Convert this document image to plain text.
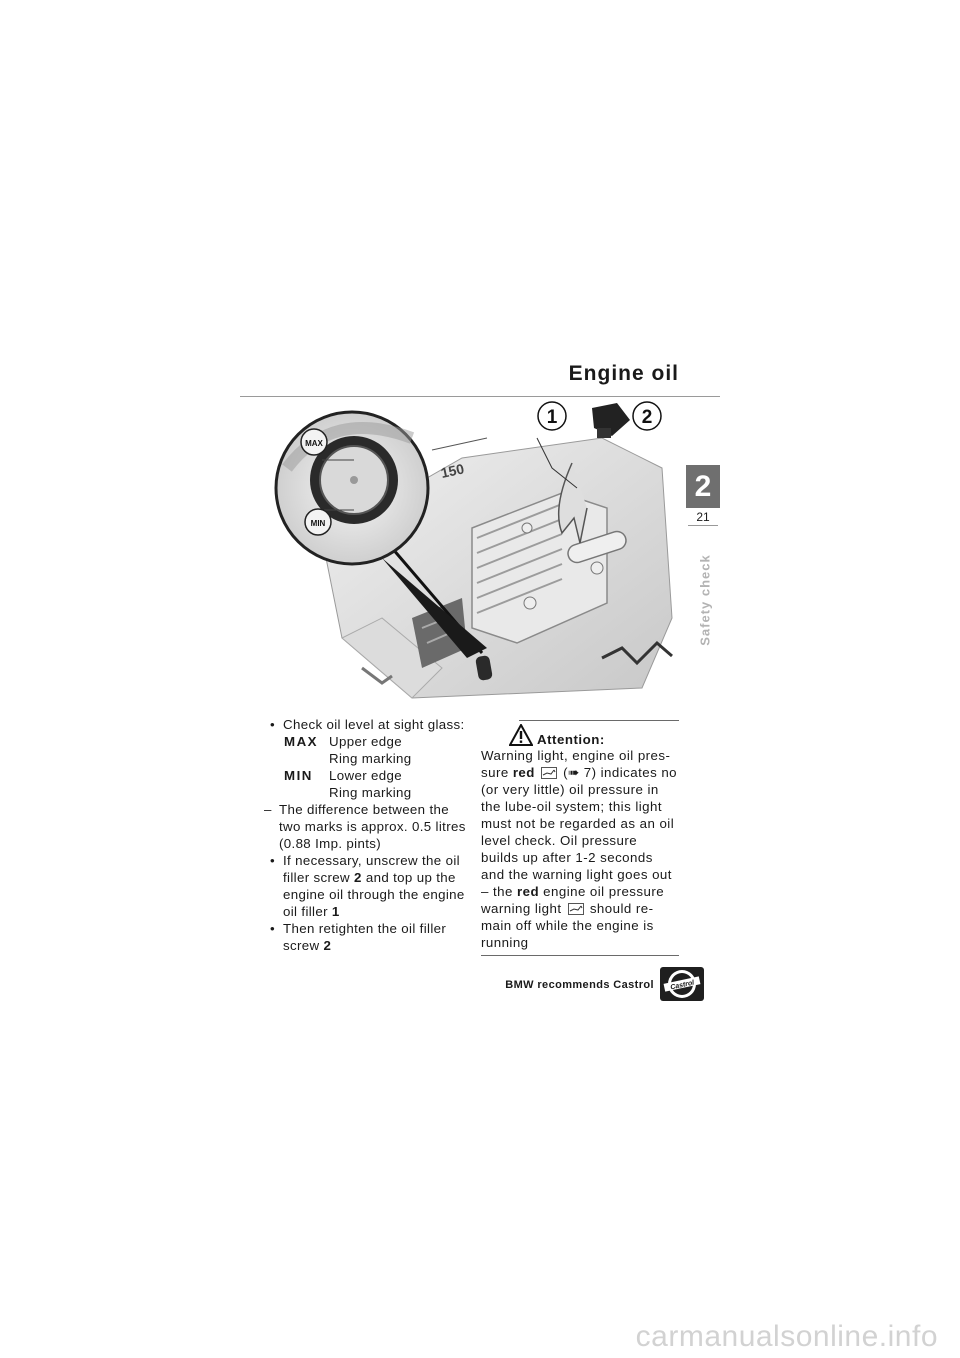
Engine oil
2
21
Safety check
150
MAX
MIN
1	2
• Check oil level at sight glass:
MAX Upper edge
Ring marking
MIN Lower edge
Ring marking
– The difference between the
two marks is approx. 0.5 litres
(0.88 Imp. pints)
• If necessary, unscrew the oil
filler screw 2 and top up the
engine oil through the engine
oil filler 1
• Then retighten the oil filler
screw 2
Attention:
Warning light, engine oil pres-
sure red (➠ 7) indicates no
(or very little) oil pressure in
the lube-oil system; this light
must not be regarded as an oil
level check. Oil pressure
builds up after 1-2 seconds
and the warning light goes out
– the red engine oil pressure
warning light should re-
main off while the engine is
running
BMW recommends Castrol Castrol
carmanualsonline.info
